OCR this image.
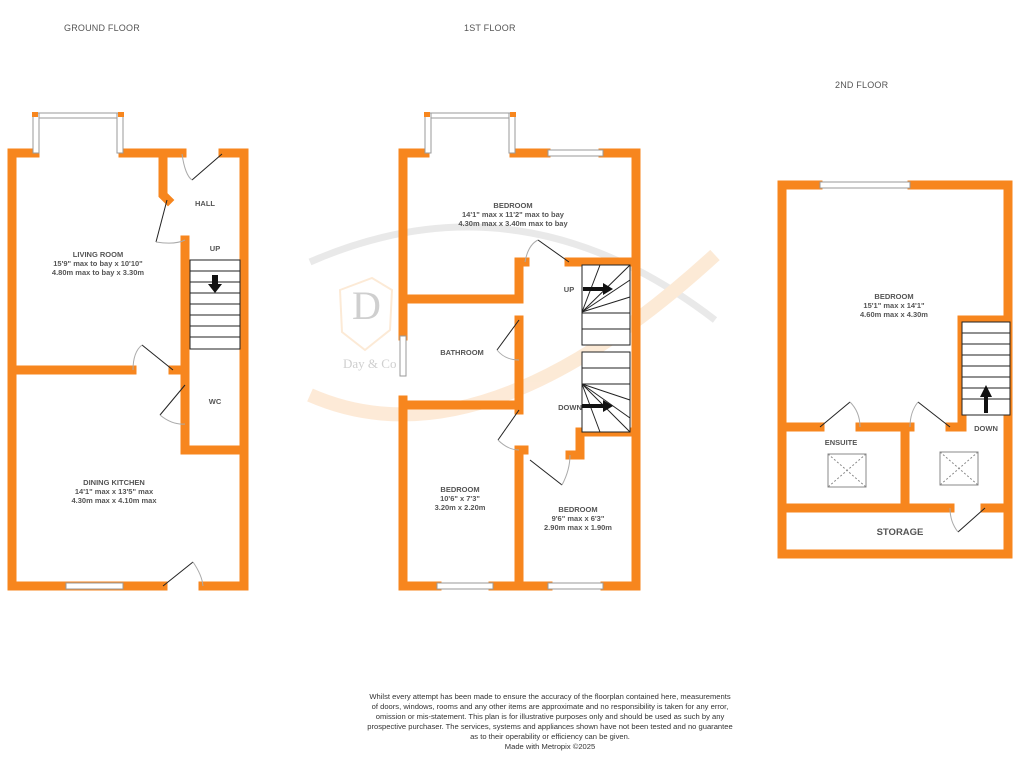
D
Day & Co
GROUND FLOOR	1ST FLOOR
2ND FLOOR
HALL
UP
LIVING ROOM
15'9" max to bay x 10'10"
4.80m max to bay x 3.30m
WC
DINING KITCHEN
14'1" max x 13'5" max
4.30m max x 4.10m max
BEDROOM
14'1" max x 11'2" max to bay
4.30m max x 3.40m max to bay
UP
BATHROOM
DOWN
BEDROOM
10'6" x 7'3"
3.20m x 2.20m	BEDROOM
9'6" max x 6'3"
2.90m max x 1.90m
BEDROOM
15'1" max x 14'1"
4.60m max x 4.30m
ENSUITE
DOWN
STORAGE
Whilst every attempt has been made to ensure the accuracy of the floorplan contained here, measurements
of doors, windows, rooms and any other items are approximate and no responsibility is taken for any error,
omission or mis-statement. This plan is for illustrative purposes only and should be used as such by any
prospective purchaser. The services, systems and appliances shown have not been tested and no guarantee
as to their operability or efficiency can be given.
Made with Metropix ©2025
